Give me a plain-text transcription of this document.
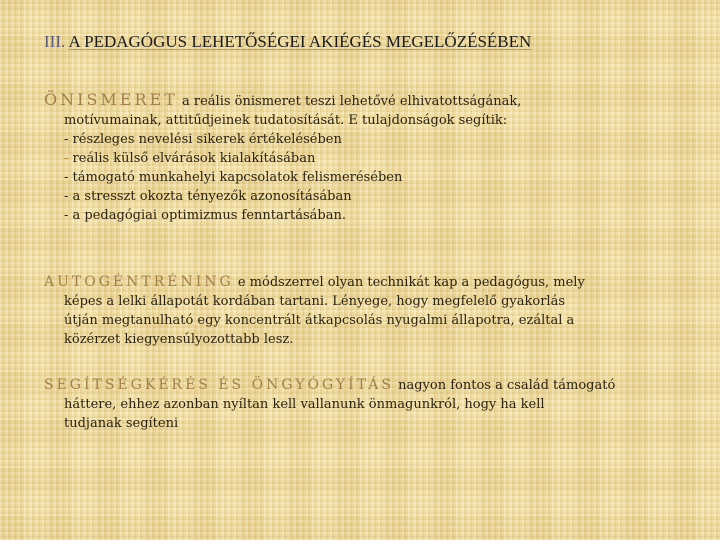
III. A PEDAGÓGUS LEHETŐSÉGEI AKIÉGÉS MEGELŐZÉSÉBEN
ÖNISMERET a reális önismeret teszi lehetővé elhivatottságának,
motívumainak, attitűdjeinek tudatosítását. E tulajdonságok segítik:
- részleges nevelési sikerek értékelésében
- reális külső elvárások kialakításában
- támogató munkahelyi kapcsolatok felismerésében
- a stresszt okozta tényezők azonosításában
- a pedagógiai optimizmus fenntartásában.
AUTOGÉNTRÉNING e módszerrel olyan technikát kap a pedagógus, mely
képes a lelki állapotát kordában tartani. Lényege, hogy megfelelő gyakorlás
útján megtanulható egy koncentrált átkapcsolás nyugalmi állapotra, ezáltal a
közérzet kiegyensúlyozottabb lesz.
SEGÍTSÉGKÉRÉS ÉS ÖNGYÓGYÍTÁS nagyon fontos a család támogató
háttere, ehhez azonban nyíltan kell vallanunk önmagunkról, hogy ha kell
tudjanak segíteni
